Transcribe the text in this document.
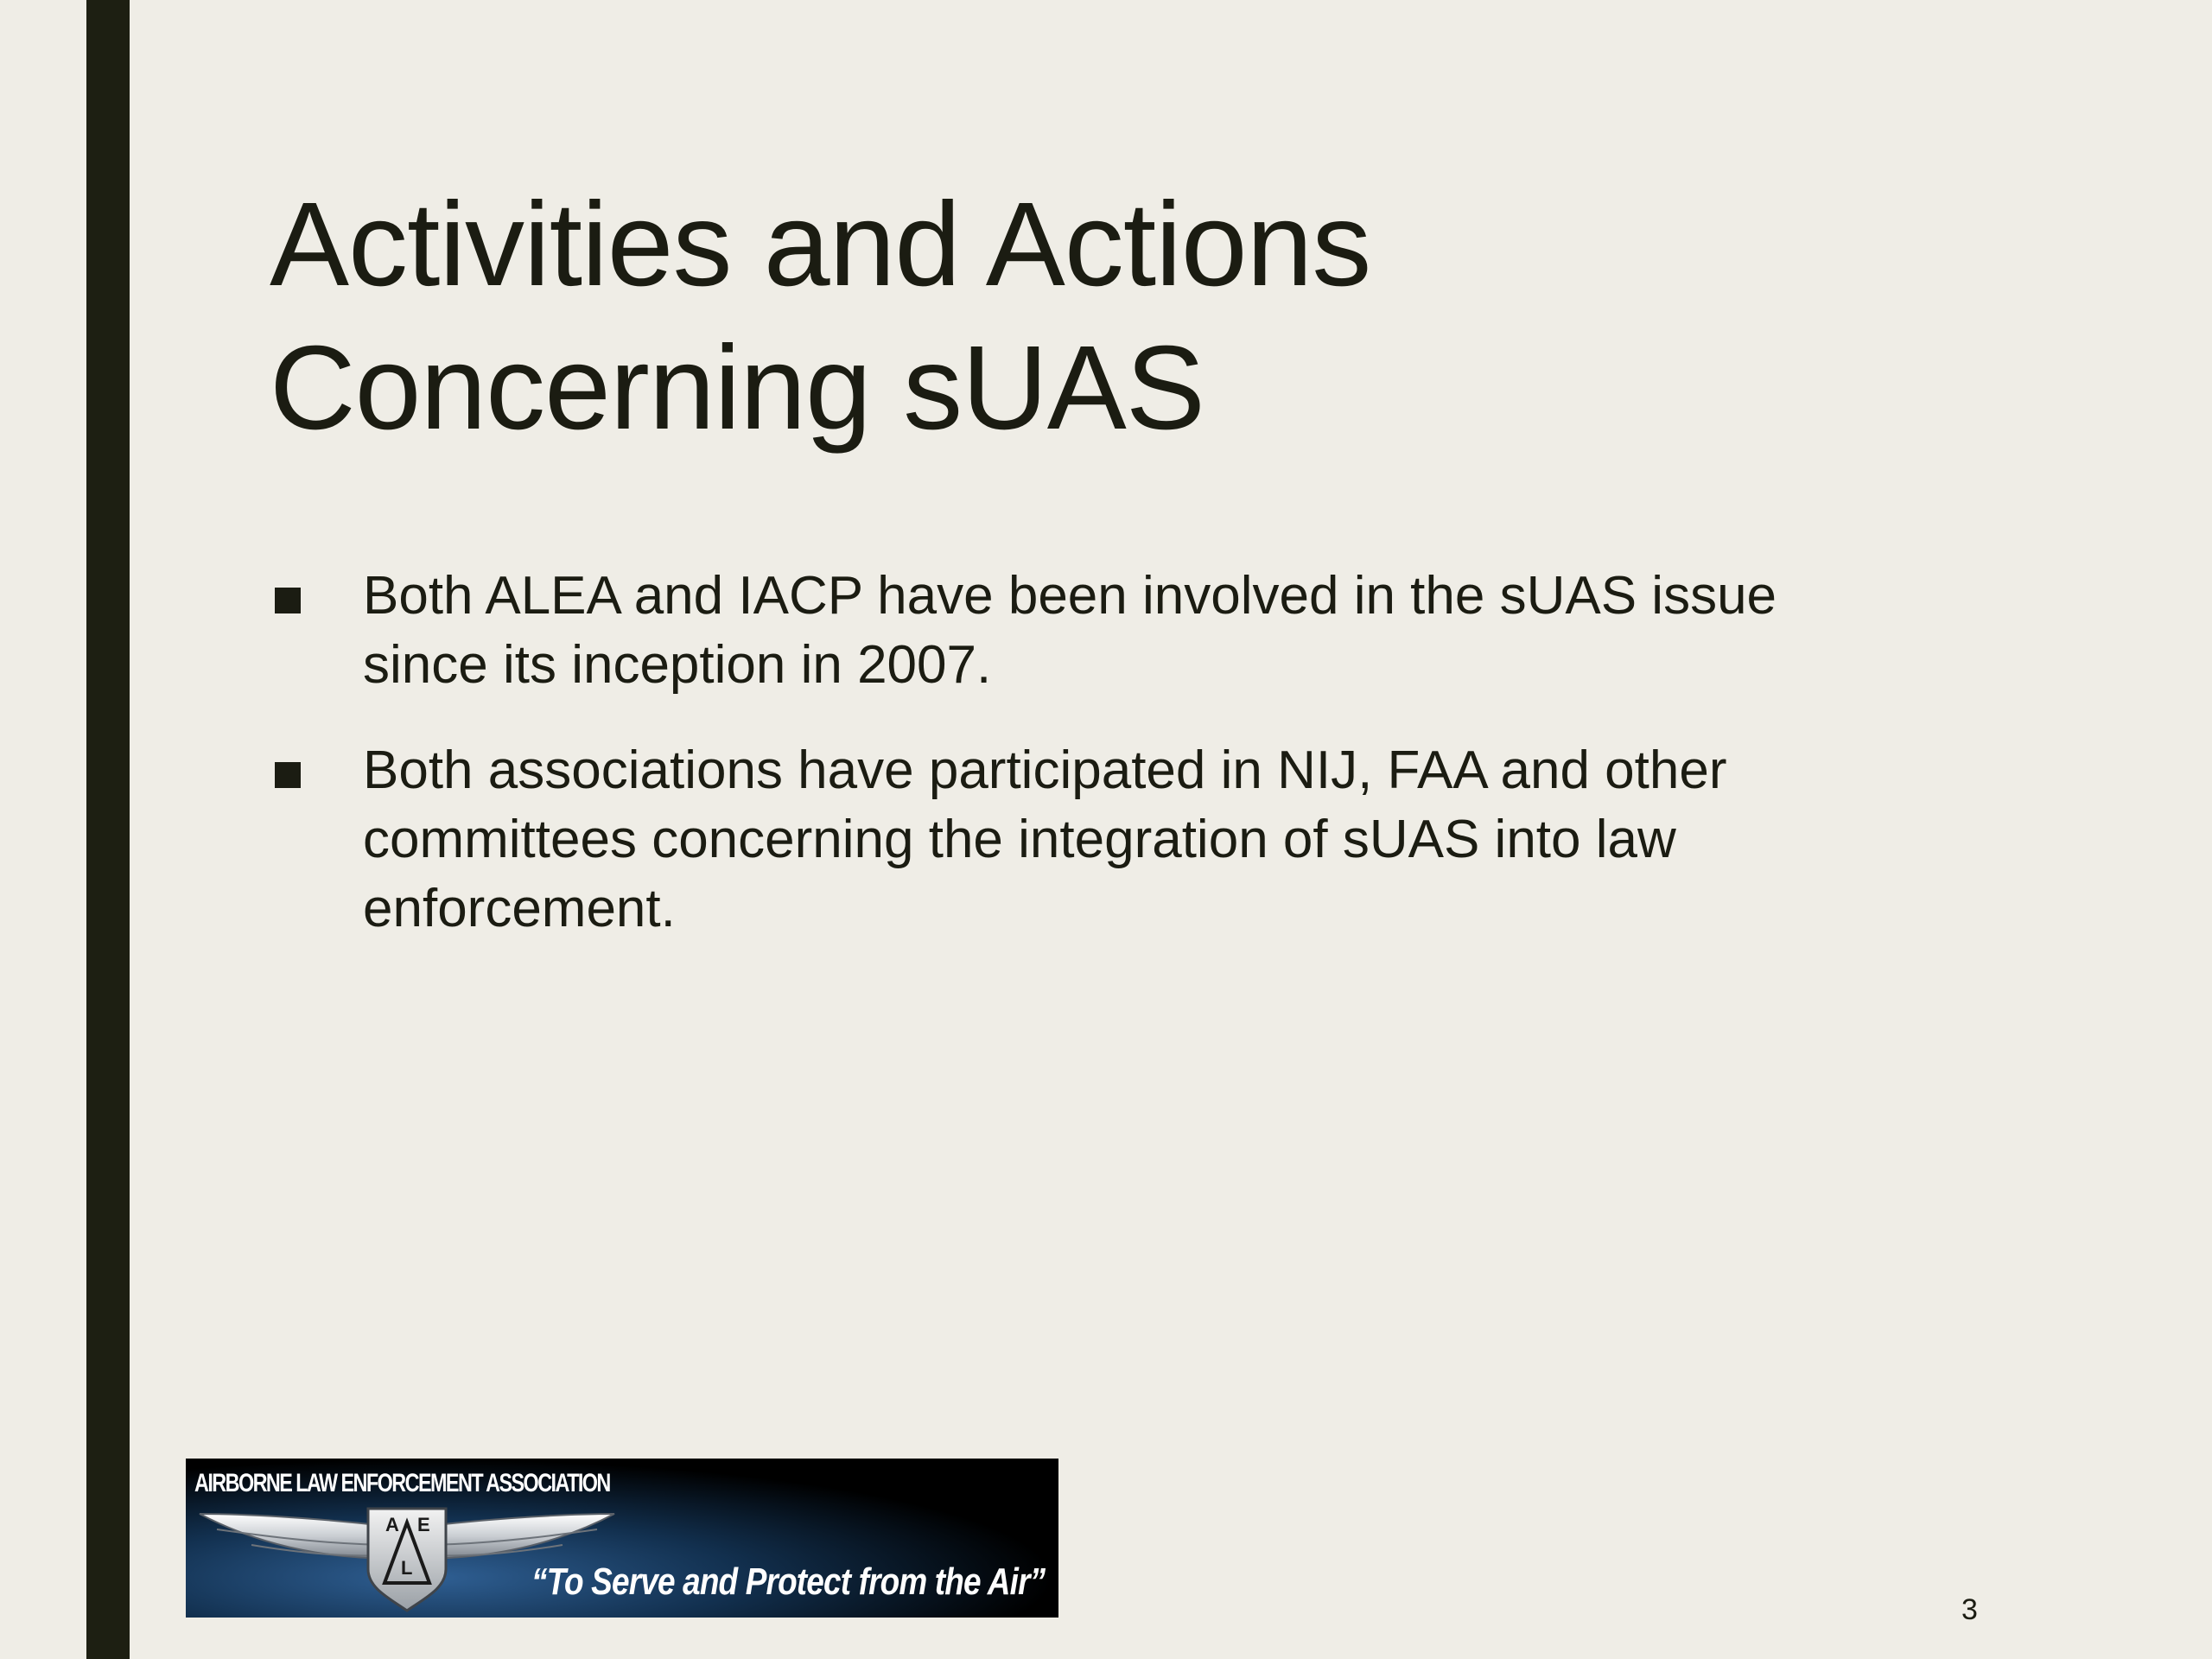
Activities and Actions
Concerning sUAS
Both ALEA and IACP have been involved in the sUAS issue since its inception in 2007.
Both associations have participated in NIJ, FAA and other committees concerning the integration of sUAS into law enforcement.
AIRBORNE LAW ENFORCEMENT ASSOCIATION
A E
L	“To Serve and Protect from the Air”
3
